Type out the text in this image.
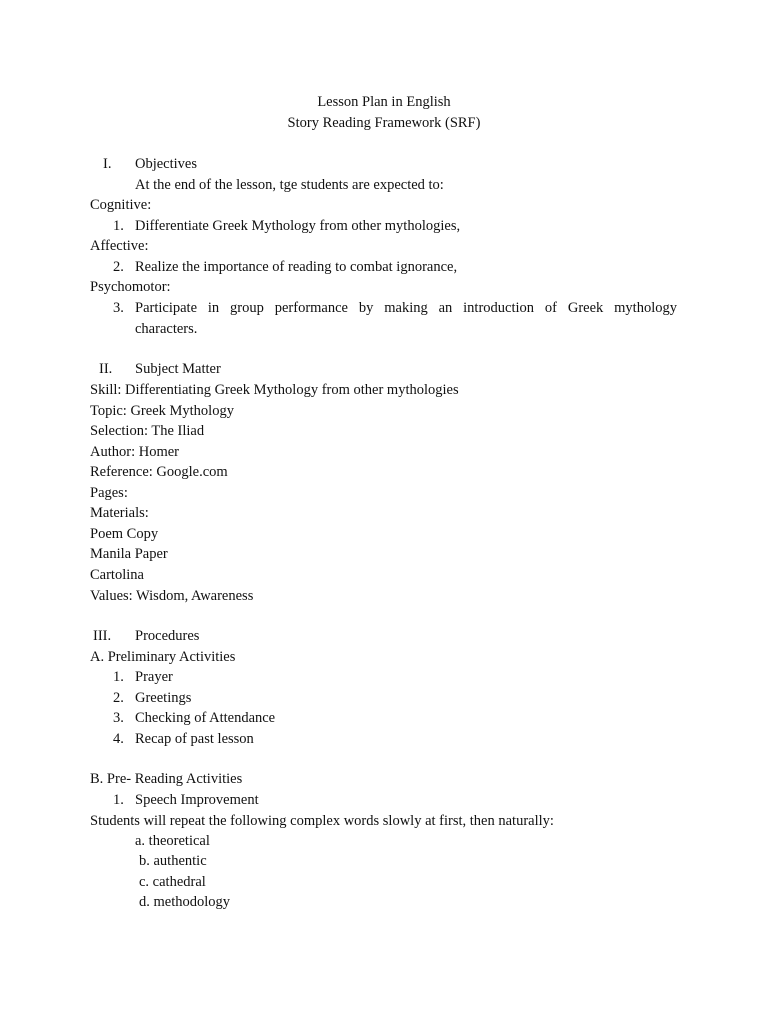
Lesson Plan in English
Story Reading Framework (SRF)
I. Objectives
At the end of the lesson, tge students are expected to:
Cognitive:
1. Differentiate Greek Mythology from other mythologies,
Affective:
2. Realize the importance of reading to combat ignorance,
Psychomotor:
3. Participate in group performance by making an introduction of Greek mythology
characters.
II. Subject Matter
Skill: Differentiating Greek Mythology from other mythologies
Topic: Greek Mythology
Selection: The Iliad
Author: Homer
Reference: Google.com
Pages:
Materials:
Poem Copy
Manila Paper
Cartolina
Values: Wisdom, Awareness
III. Procedures
A. Preliminary Activities
1. Prayer
2. Greetings
3. Checking of Attendance
4. Recap of past lesson
B. Pre- Reading Activities
1. Speech Improvement
Students will repeat the following complex words slowly at first, then naturally:
a. theoretical
b. authentic
c. cathedral
d. methodology
